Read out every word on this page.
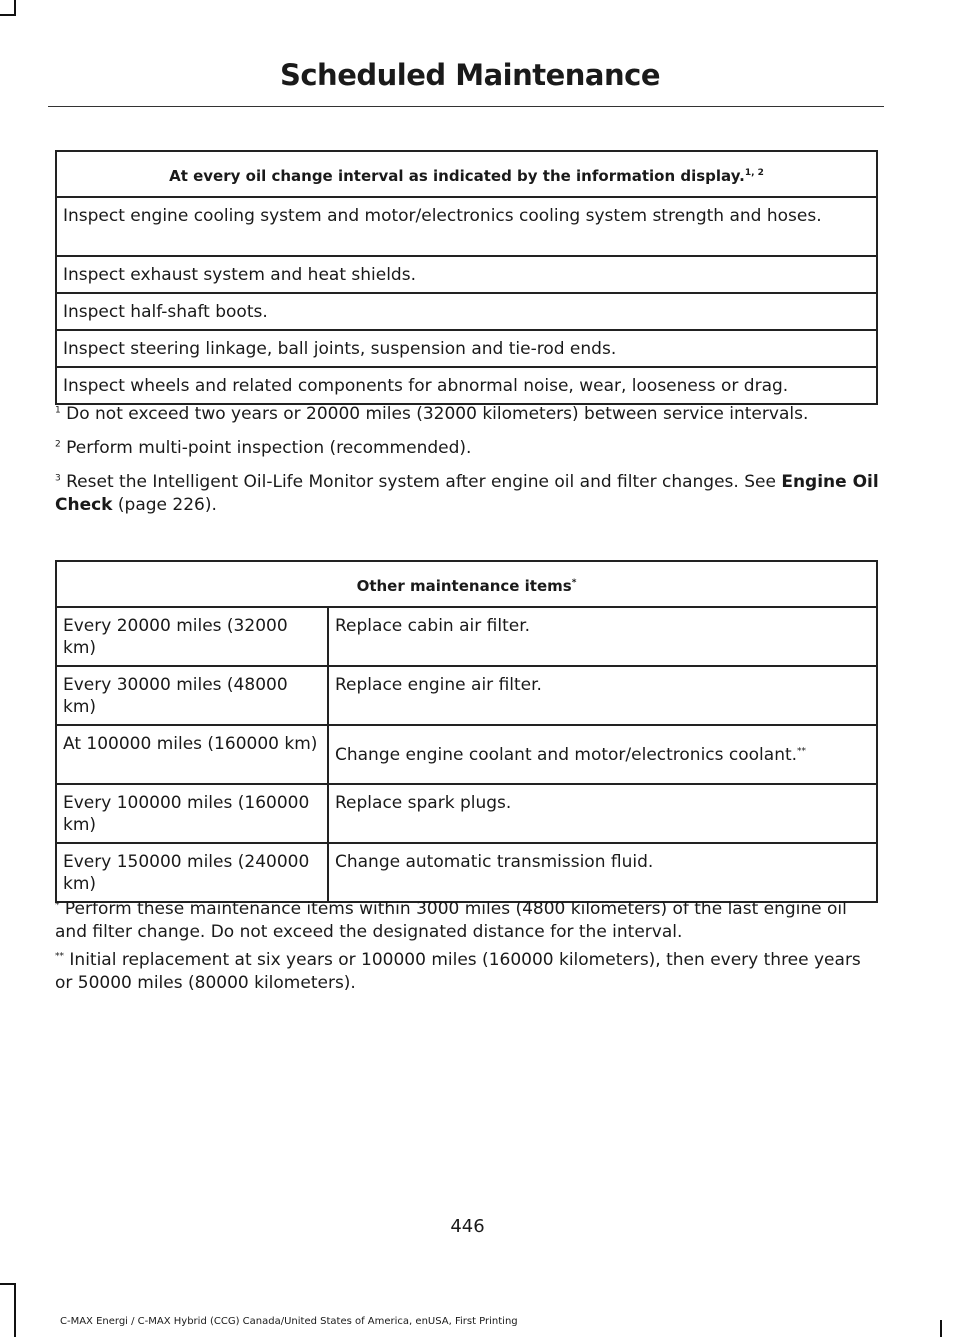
Scheduled Maintenance
At every oil change interval as indicated by the information display.$^{1, 2}$
Inspect engine cooling system and motor/electronics cooling system strength and hoses.
Inspect exhaust system and heat shields.
Inspect half-shaft boots.
Inspect steering linkage, ball joints, suspension and tie-rod ends.
Inspect wheels and related components for abnormal noise, wear, looseness or drag.

$^1$ Do not exceed two years or 20000 miles (32000 kilometers) between service intervals.

$^2$ Perform multi-point inspection (recommended).

$^3$ Reset the Intelligent Oil-Life Monitor system after engine oil and filter changes. See Engine Oil Check (page 226).

Other maintenance items*
Every 20000 miles (32000 km)	Replace cabin air filter.
Every 30000 miles (48000 km)	Replace engine air filter.
At 100000 miles (160000 km)	Change engine coolant and motor/electronics coolant.**
Every 100000 miles (160000 km)	Replace spark plugs.
Every 150000 miles (240000 km)	Change automatic transmission fluid.

* Perform these maintenance items within 3000 miles (4800 kilometers) of the last engine oil and filter change. Do not exceed the designated distance for the interval.

** Initial replacement at six years or 100000 miles (160000 kilometers), then every three years or 50000 miles (80000 kilometers).

446
C-MAX Energi / C-MAX Hybrid (CCG) Canada/United States of America, enUSA, First Printing
